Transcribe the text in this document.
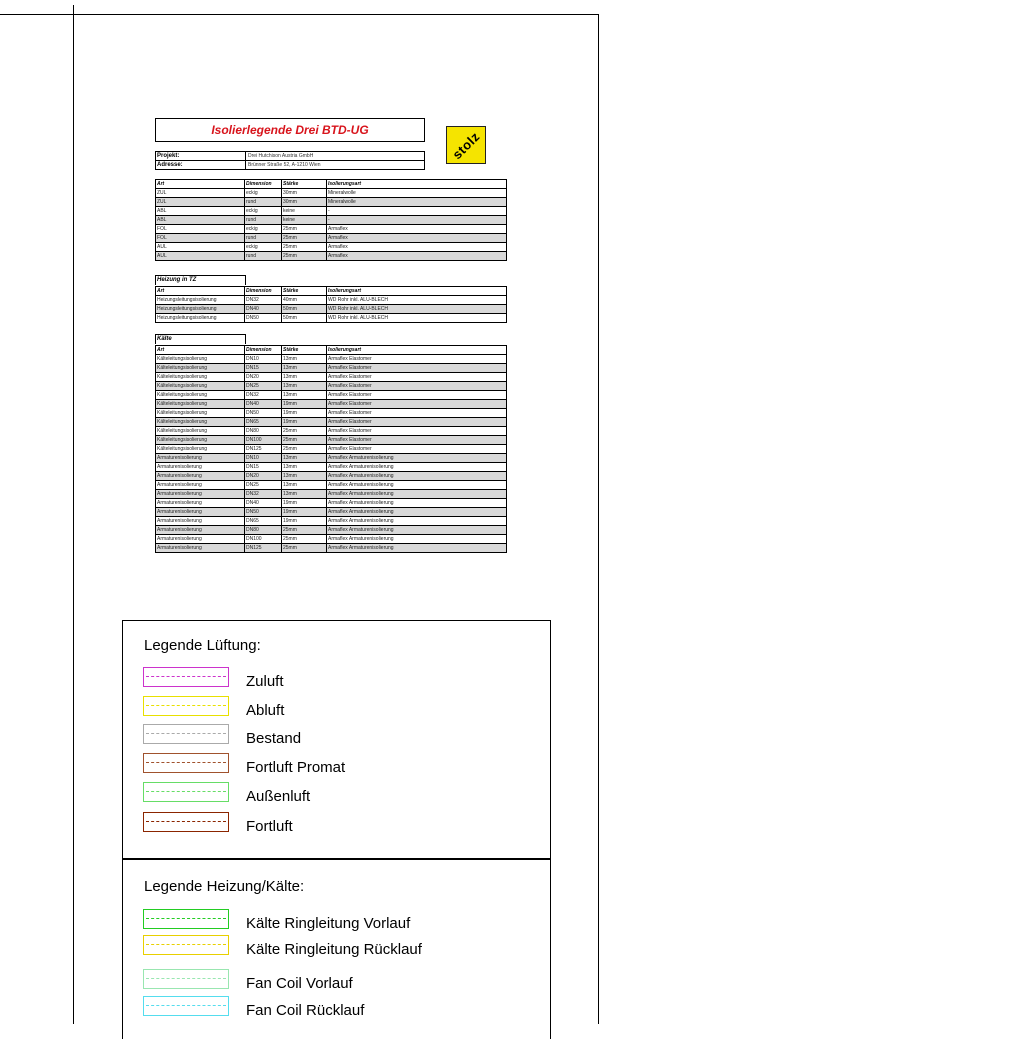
Isolierlegende Drei BTD-UG	stolz
Projekt:	Drei Hutchison Austria GmbH
Adresse:	Brünner Straße 52, A-1210 Wien
Art	Dimension	Stärke	Isolierungsart
ZUL	eckig	30mm	Mineralwolle
ZUL	rund	30mm	Mineralwolle
ABL	eckig	keine	-
ABL	rund	keine	-
FOL	eckig	25mm	Armaflex
FOL	rund	25mm	Armaflex
AUL	eckig	25mm	Armaflex
AUL	rund	25mm	Armaflex
Heizung in TZ
Art	Dimension	Stärke	Isolierungsart
Heizungsleitungsisolierung	DN32	40mm	WD Rohr inkl. ALU-BLECH
Heizungsleitungsisolierung	DN40	50mm	WD Rohr inkl. ALU-BLECH
Heizungsleitungsisolierung	DN50	50mm	WD Rohr inkl. ALU-BLECH
Kälte
Art	Dimension	Stärke	Isolierungsart
Kälteleitungsisolierung	DN10	13mm	Armaflex Elastomer
Kälteleitungsisolierung	DN15	13mm	Armaflex Elastomer
Kälteleitungsisolierung	DN20	13mm	Armaflex Elastomer
Kälteleitungsisolierung	DN25	13mm	Armaflex Elastomer
Kälteleitungsisolierung	DN32	13mm	Armaflex Elastomer
Kälteleitungsisolierung	DN40	19mm	Armaflex Elastomer
Kälteleitungsisolierung	DN50	19mm	Armaflex Elastomer
Kälteleitungsisolierung	DN65	19mm	Armaflex Elastomer
Kälteleitungsisolierung	DN80	25mm	Armaflex Elastomer
Kälteleitungsisolierung	DN100	25mm	Armaflex Elastomer
Kälteleitungsisolierung	DN125	25mm	Armaflex Elastomer
Armaturenisolierung	DN10	13mm	Armaflex Armaturenisolierung
Armaturenisolierung	DN15	13mm	Armaflex Armaturenisolierung
Armaturenisolierung	DN20	13mm	Armaflex Armaturenisolierung
Armaturenisolierung	DN25	13mm	Armaflex Armaturenisolierung
Armaturenisolierung	DN32	13mm	Armaflex Armaturenisolierung
Armaturenisolierung	DN40	19mm	Armaflex Armaturenisolierung
Armaturenisolierung	DN50	19mm	Armaflex Armaturenisolierung
Armaturenisolierung	DN65	19mm	Armaflex Armaturenisolierung
Armaturenisolierung	DN80	25mm	Armaflex Armaturenisolierung
Armaturenisolierung	DN100	25mm	Armaflex Armaturenisolierung
Armaturenisolierung	DN125	25mm	Armaflex Armaturenisolierung
Legende Lüftung:
Zuluft
Abluft
Bestand
Fortluft Promat
Außenluft
Fortluft
Legende Heizung/Kälte:
Kälte Ringleitung Vorlauf
Kälte Ringleitung Rücklauf
Fan Coil Vorlauf
Fan Coil Rücklauf
